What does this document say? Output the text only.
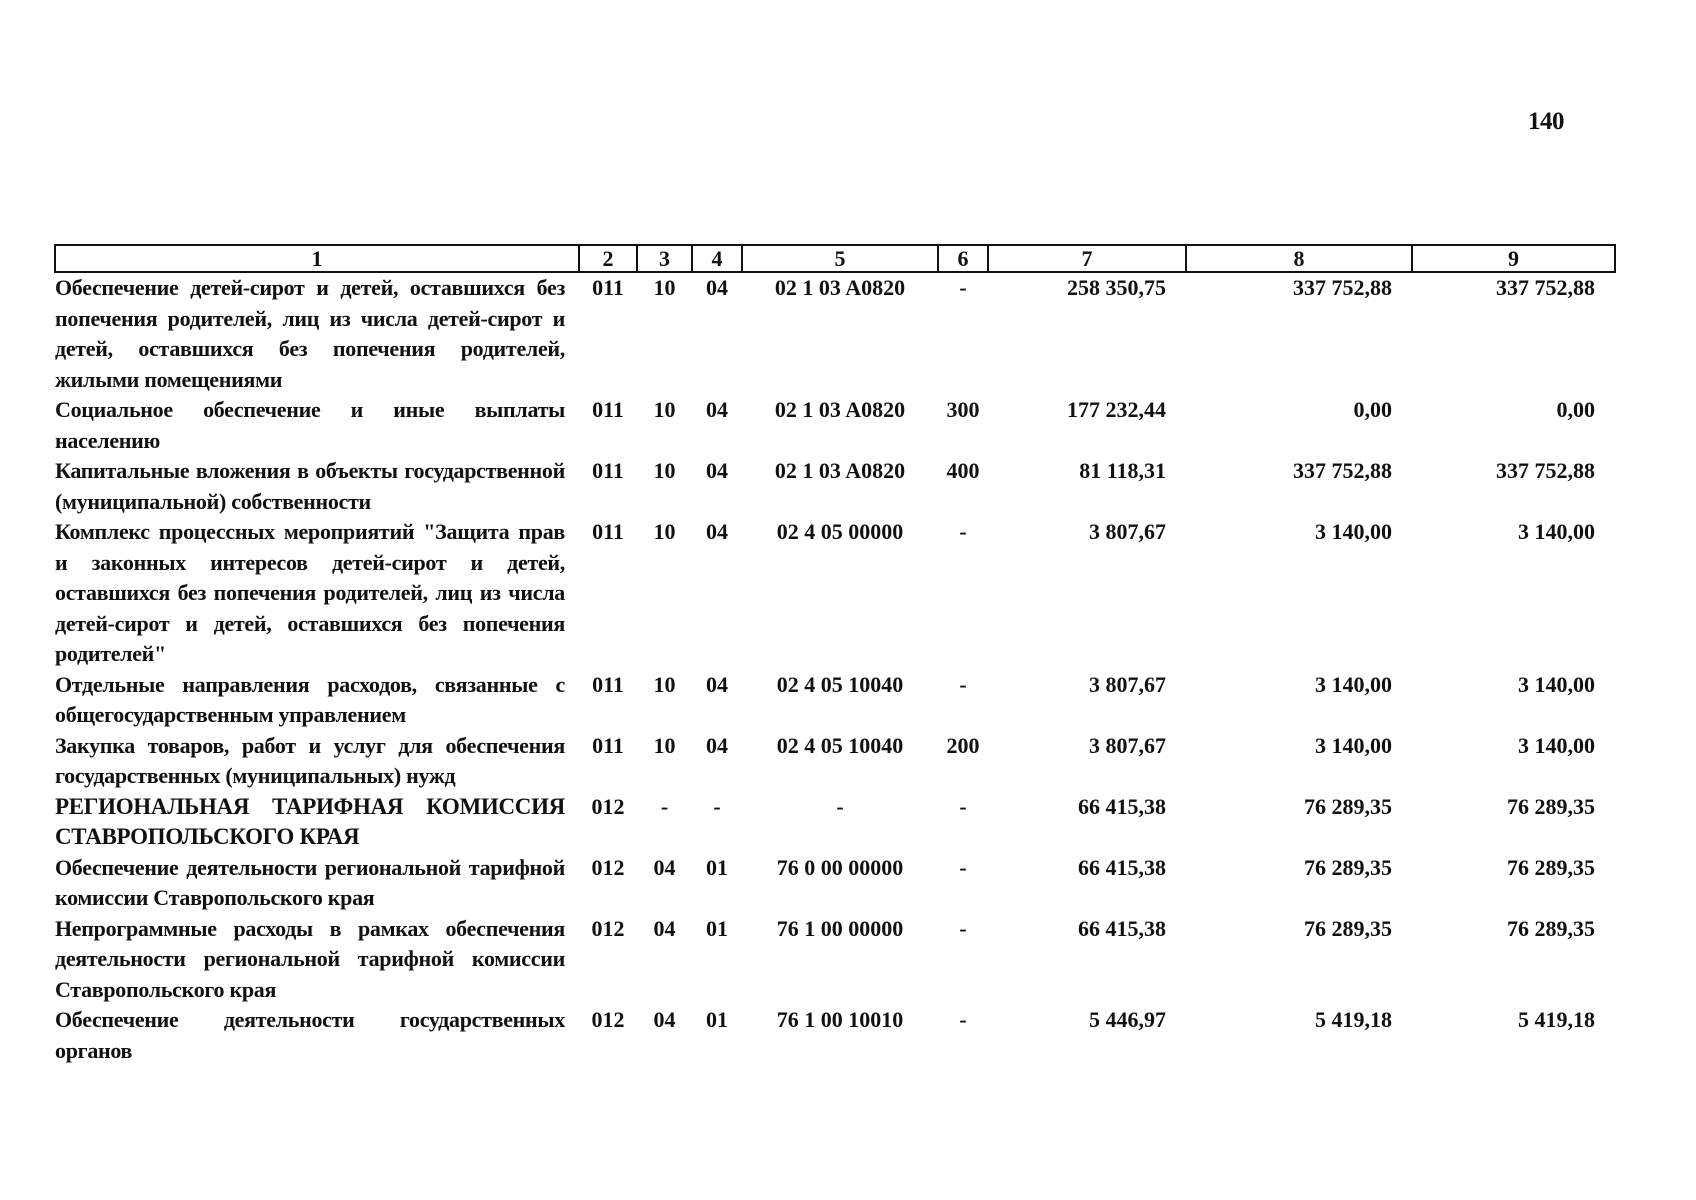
140
1	2	3	4	5	6	7	8	9
Обеспечение детей-сирот и детей, оставшихся без попечения родителей, лиц из числа детей-сирот и детей, оставшихся без попечения родителей, жилыми помещениями	011	10	04	02 1 03 A0820	-	258 350,75	337 752,88	337 752,88
Социальное обеспечение и иные выплаты населению	011	10	04	02 1 03 A0820	300	177 232,44	0,00	0,00
Капитальные вложения в объекты государственной (муниципальной) собственности	011	10	04	02 1 03 A0820	400	81 118,31	337 752,88	337 752,88
Комплекс процессных мероприятий "Защита прав и законных интересов детей-сирот и детей, оставшихся без попечения родителей, лиц из числа детей-сирот и детей, оставшихся без попечения родителей"	011	10	04	02 4 05 00000	-	3 807,67	3 140,00	3 140,00
Отдельные направления расходов, связанные с общегосударственным управлением	011	10	04	02 4 05 10040	-	3 807,67	3 140,00	3 140,00
Закупка товаров, работ и услуг для обеспечения государственных (муниципальных) нужд	011	10	04	02 4 05 10040	200	3 807,67	3 140,00	3 140,00
РЕГИОНАЛЬНАЯ ТАРИФНАЯ КОМИССИЯ СТАВРОПОЛЬСКОГО КРАЯ	012	-	-	-	-	66 415,38	76 289,35	76 289,35
Обеспечение деятельности региональной тарифной комиссии Ставропольского края	012	04	01	76 0 00 00000	-	66 415,38	76 289,35	76 289,35
Непрограммные расходы в рамках обеспечения деятельности региональной тарифной комиссии Ставропольского края	012	04	01	76 1 00 00000	-	66 415,38	76 289,35	76 289,35
Обеспечение деятельности государственных органов	012	04	01	76 1 00 10010	-	5 446,97	5 419,18	5 419,18
